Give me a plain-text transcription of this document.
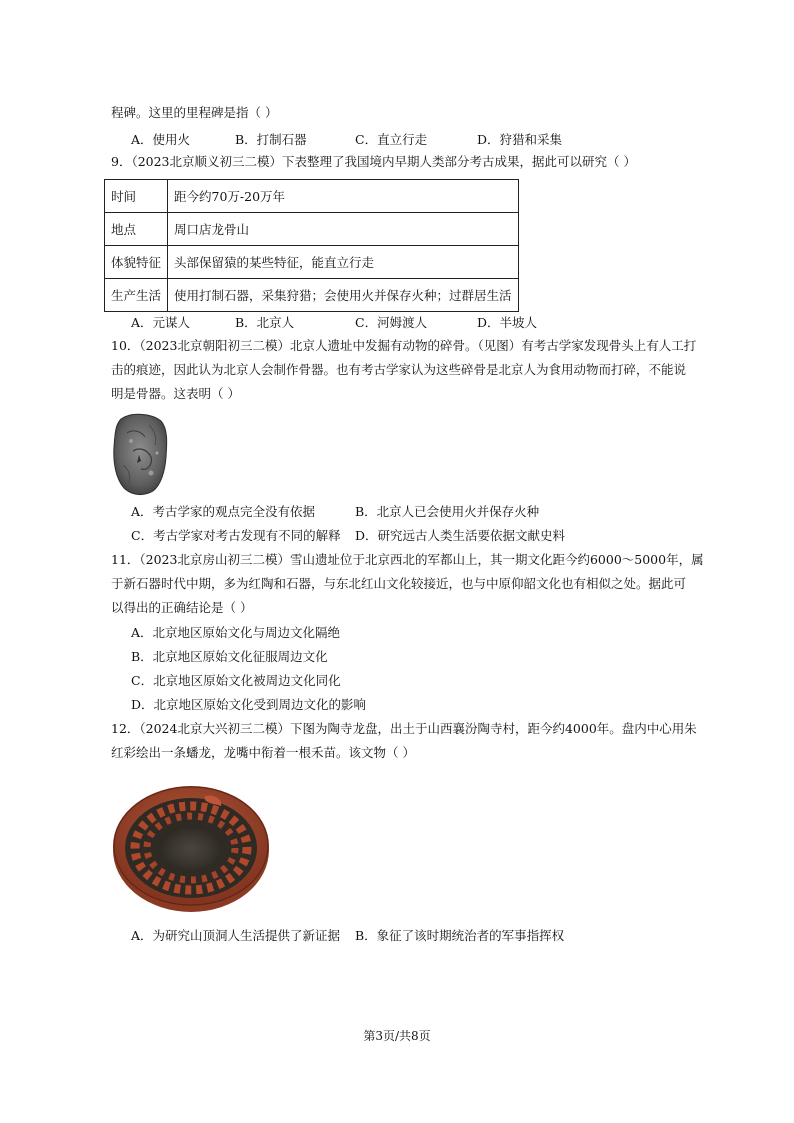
程碑。这里的里程碑是指（ ）
A．使用火	B．打制石器	C．直立行走	D．狩猎和采集
9．（2023北京顺义初三二模）下表整理了我国境内早期人类部分考古成果，据此可以研究（ ）
时间	距今约70万-20万年
地点	周口店龙骨山
体貌特征	头部保留猿的某些特征，能直立行走
生产生活	使用打制石器，采集狩猎；会使用火并保存火种；过群居生活
A．元谋人	B．北京人	C．河姆渡人	D．半坡人
10．（2023北京朝阳初三二模）北京人遗址中发掘有动物的碎骨。（见图）有考古学家发现骨头上有人工打
击的痕迹，因此认为北京人会制作骨器。也有考古学家认为这些碎骨是北京人为食用动物而打碎，不能说
明是骨器。这表明（ ）
A．考古学家的观点完全没有依据	B．北京人已会使用火并保存火种
C．考古学家对考古发现有不同的解释 D．研究远古人类生活要依据文献史料
11．（2023北京房山初三二模）雪山遗址位于北京西北的军都山上，其一期文化距今约6000～5000年，属
于新石器时代中期，多为红陶和石器，与东北红山文化较接近，也与中原仰韶文化也有相似之处。据此可
以得出的正确结论是（ ）
A．北京地区原始文化与周边文化隔绝
B．北京地区原始文化征服周边文化
C．北京地区原始文化被周边文化同化
D．北京地区原始文化受到周边文化的影响
12．（2024北京大兴初三二模）下图为陶寺龙盘，出土于山西襄汾陶寺村，距今约4000年。盘内中心用朱
红彩绘出一条蟠龙，龙嘴中衔着一根禾苗。该文物（ ）
A．为研究山顶洞人生活提供了新证据 B．象征了该时期统治者的军事指挥权
第3页/共8页
